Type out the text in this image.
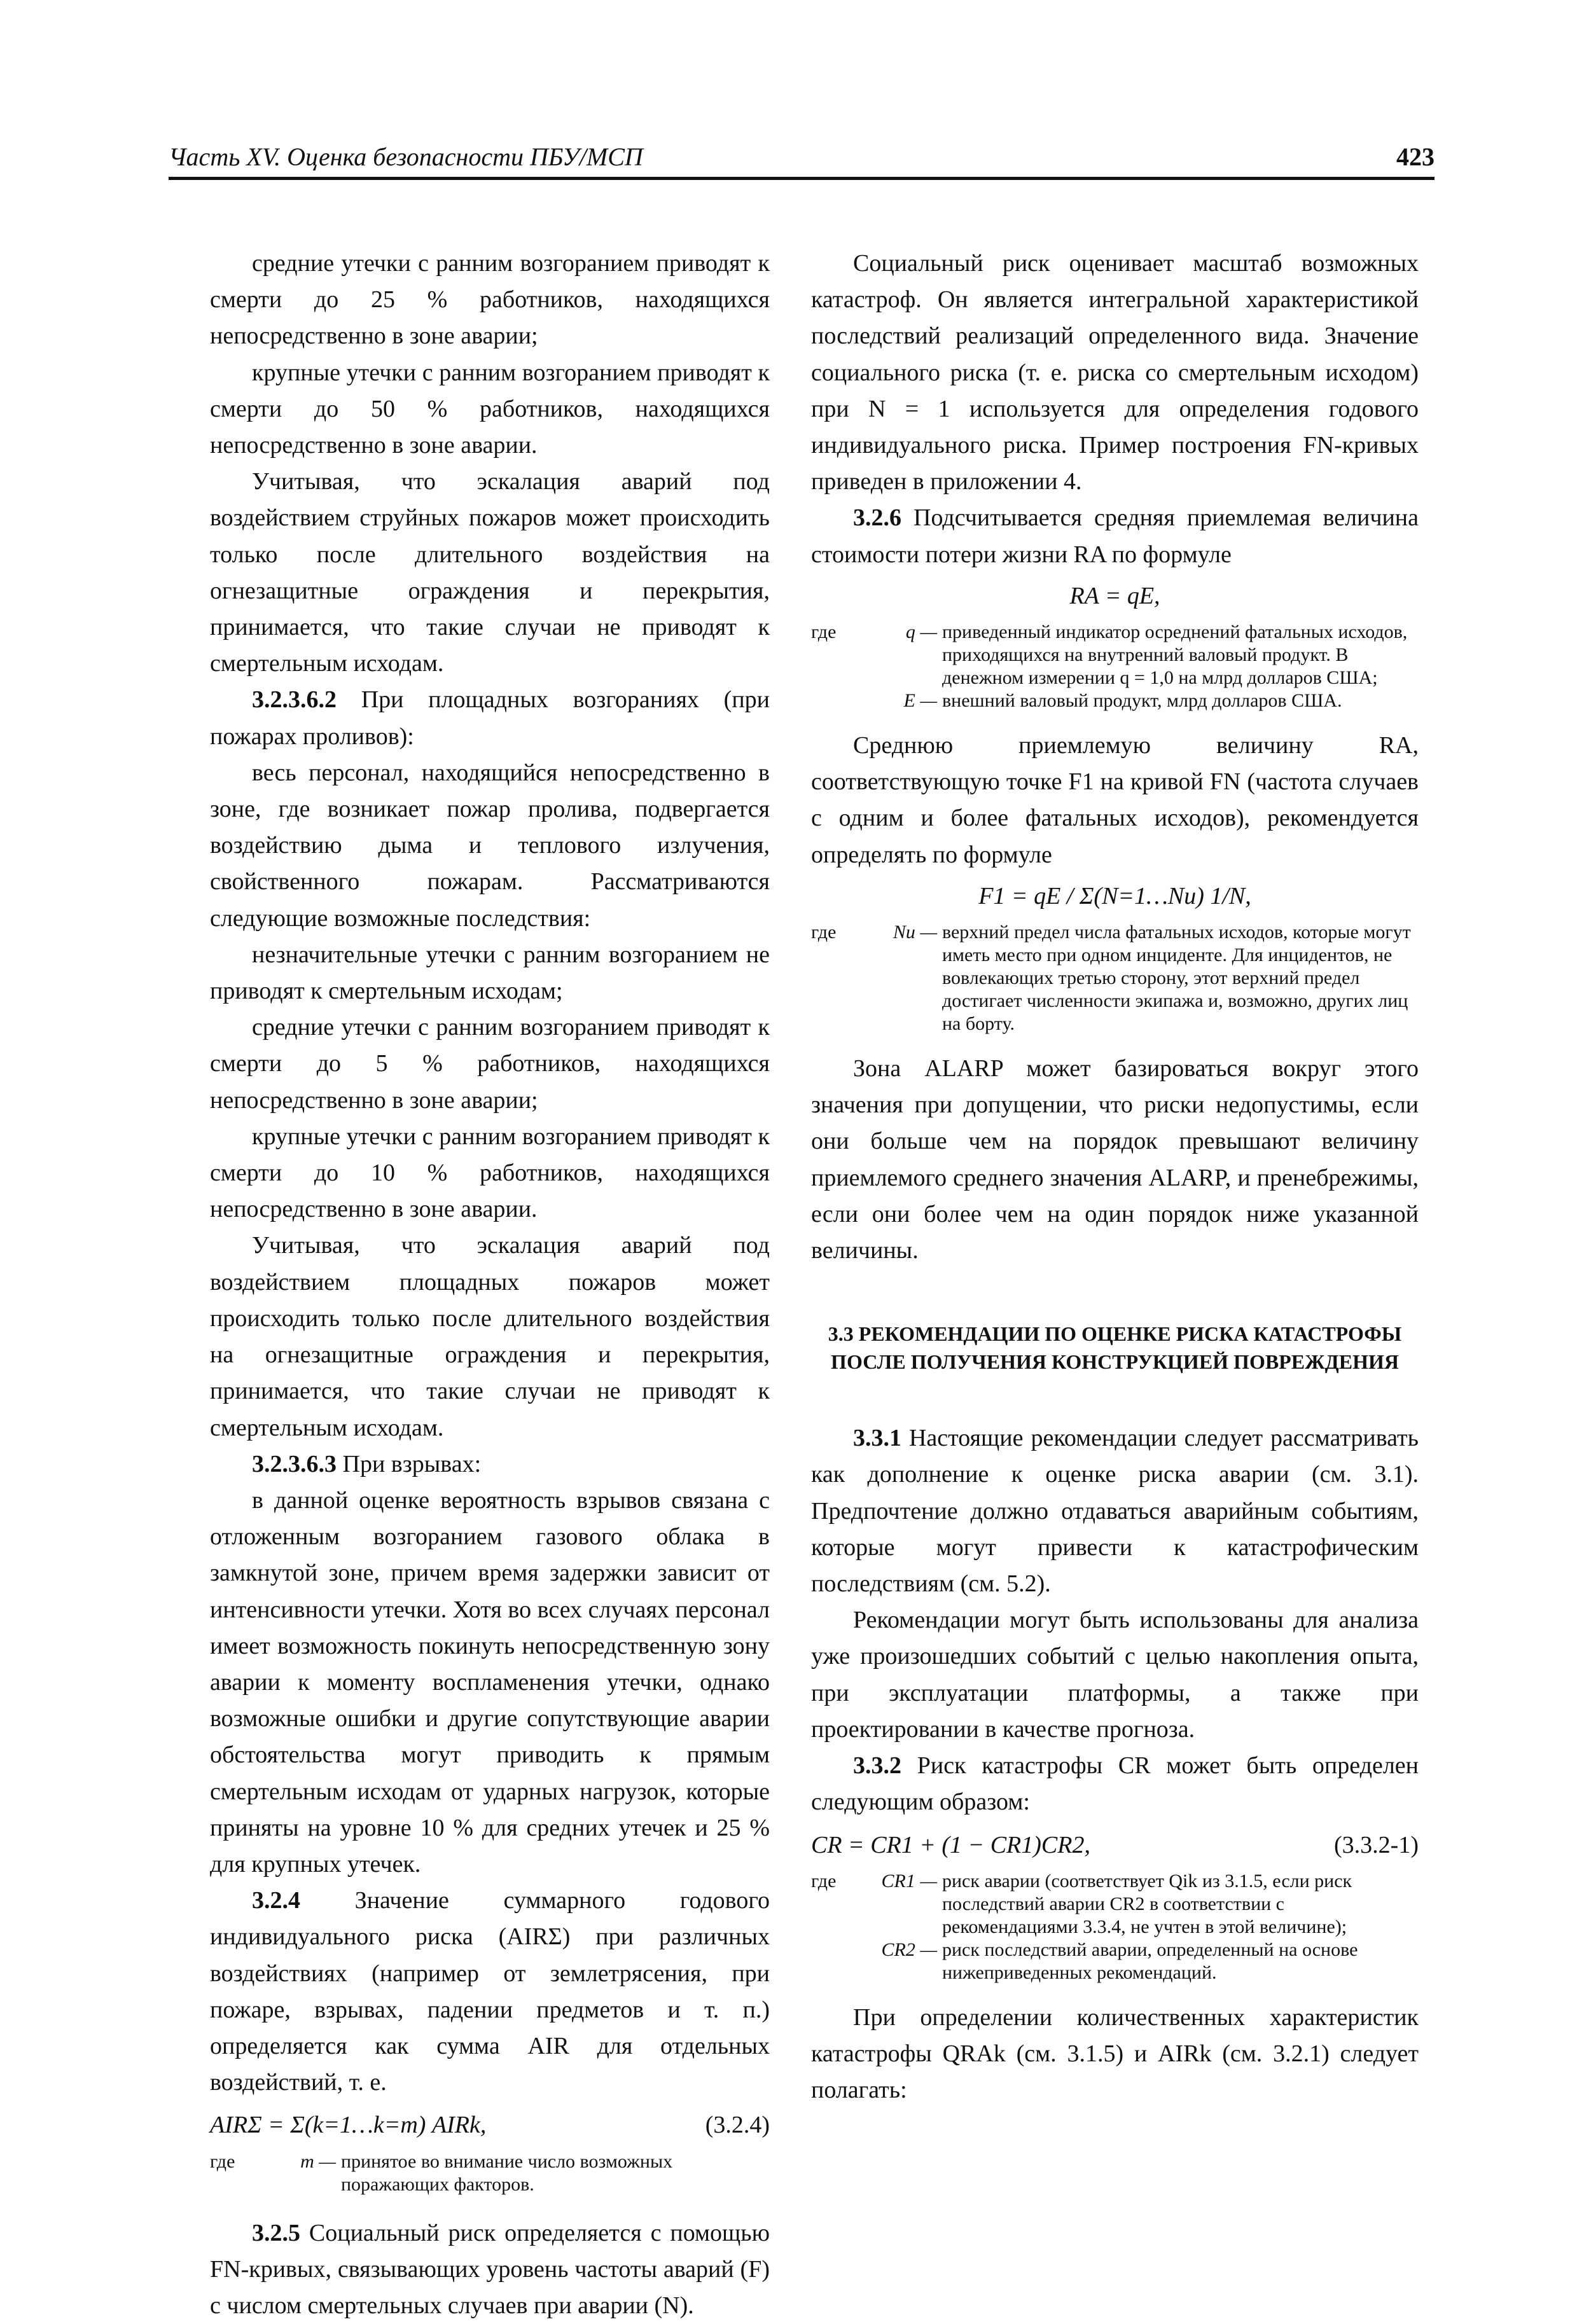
Часть XV. Оценка безопасности ПБУ/МСП	423

средние утечки с ранним возгоранием приводят к смерти до 25 % работников, находящихся непосредственно в зоне аварии;

крупные утечки с ранним возгоранием приводят к смерти до 50 % работников, находящихся непосредственно в зоне аварии.

Учитывая, что эскалация аварий под воздействием струйных пожаров может происходить только после длительного воздействия на огнезащитные ограждения и перекрытия, принимается, что такие случаи не приводят к смертельным исходам.

3.2.3.6.2 При площадных возгораниях (при пожарах проливов):

весь персонал, находящийся непосредственно в зоне, где возникает пожар пролива, подвергается воздействию дыма и теплового излучения, свойственного пожарам. Рассматриваются следующие возможные последствия:

незначительные утечки с ранним возгоранием не приводят к смертельным исходам;

средние утечки с ранним возгоранием приводят к смерти до 5 % работников, находящихся непосредственно в зоне аварии;

крупные утечки с ранним возгоранием приводят к смерти до 10 % работников, находящихся непосредственно в зоне аварии.

Учитывая, что эскалация аварий под воздействием площадных пожаров может происходить только после длительного воздействия на огнезащитные ограждения и перекрытия, принимается, что такие случаи не приводят к смертельным исходам.

3.2.3.6.3 При взрывах:

в данной оценке вероятность взрывов связана с отложенным возгоранием газового облака в замкнутой зоне, причем время задержки зависит от интенсивности утечки. Хотя во всех случаях персонал имеет возможность покинуть непосредственную зону аварии к моменту воспламенения утечки, однако возможные ошибки и другие сопутствующие аварии обстоятельства могут приводить к прямым смертельным исходам от ударных нагрузок, которые приняты на уровне 10 % для средних утечек и 25 % для крупных утечек.

3.2.4 Значение суммарного годового индивидуального риска (AIRΣ) при различных воздействиях (например от землетрясения, при пожаре, взрывах, падении предметов и т. п.) определяется как сумма AIR для отдельных воздействий, т. е.

AIRΣ = Σ(k=1…k=m) AIRk,	(3.2.4)
где	m — принятое во внимание число возможных поражающих факторов.

3.2.5 Социальный риск определяется с помощью FN-кривых, связывающих уровень частоты аварий (F) с числом смертельных случаев при аварии (N).

Социальный риск оценивает масштаб возможных катастроф. Он является интегральной характеристикой последствий реализаций определенного вида. Значение социального риска (т. е. риска со смертельным исходом) при N = 1 используется для определения годового индивидуального риска. Пример построения FN-кривых приведен в приложении 4.

3.2.6 Подсчитывается средняя приемлемая величина стоимости потери жизни RA по формуле

RA = qE,
где	q — приведенный индикатор осреднений фатальных исходов, приходящихся на внутренний валовый продукт. В денежном измерении q = 1,0 на млрд долларов США;
E — внешний валовый продукт, млрд долларов США.

Среднюю приемлемую величину RA, соответствующую точке F1 на кривой FN (частота случаев с одним и более фатальных исходов), рекомендуется определять по формуле

F1 = qE / Σ(N=1…Nu) 1/N,
где	Nu — верхний предел числа фатальных исходов, которые могут иметь место при одном инциденте. Для инцидентов, не вовлекающих третью сторону, этот верхний предел достигает численности экипажа и, возможно, других лиц на борту.

Зона ALARP может базироваться вокруг этого значения при допущении, что риски недопустимы, если они больше чем на порядок превышают величину приемлемого среднего значения ALARP, и пренебрежимы, если они более чем на один порядок ниже указанной величины.

3.3 РЕКОМЕНДАЦИИ ПО ОЦЕНКЕ РИСКА КАТАСТРОФЫ ПОСЛЕ ПОЛУЧЕНИЯ КОНСТРУКЦИЕЙ ПОВРЕЖДЕНИЯ

3.3.1 Настоящие рекомендации следует рассматривать как дополнение к оценке риска аварии (см. 3.1). Предпочтение должно отдаваться аварийным событиям, которые могут привести к катастрофическим последствиям (см. 5.2).

Рекомендации могут быть использованы для анализа уже произошедших событий с целью накопления опыта, при эксплуатации платформы, а также при проектировании в качестве прогноза.

3.3.2 Риск катастрофы CR может быть определен следующим образом:

CR = CR1 + (1 − CR1)CR2,	(3.3.2-1)
где	CR1 — риск аварии (соответствует Qik из 3.1.5, если риск последствий аварии CR2 в соответствии с рекомендациями 3.3.4, не учтен в этой величине);
CR2 — риск последствий аварии, определенный на основе нижеприведенных рекомендаций.

При определении количественных характеристик катастрофы QRAk (см. 3.1.5) и AIRk (см. 3.2.1) следует полагать:
